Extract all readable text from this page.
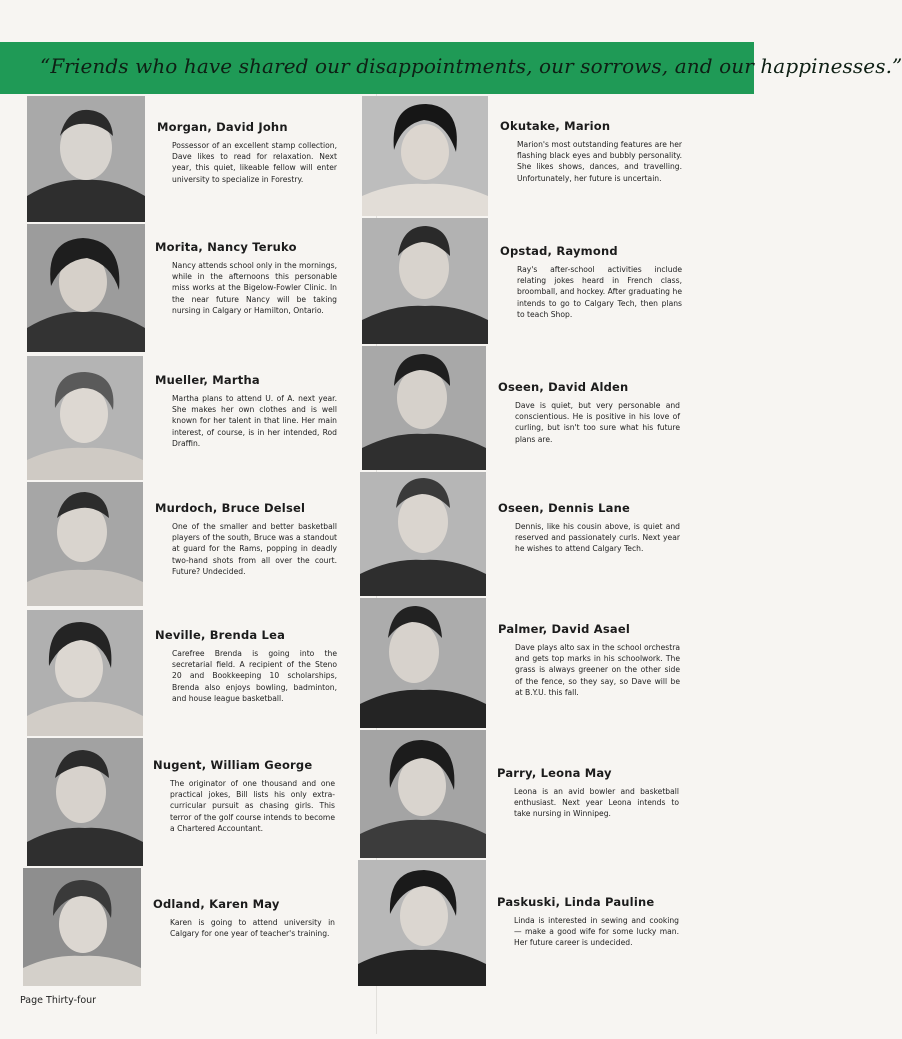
“Friends who have shared our disappointments, our sorrows, and our happinesses.”
Morgan, David John
Possessor of an excellent stamp collection, Dave likes to read for relaxation. Next year, this quiet, likeable fellow will enter university to specialize in Forestry.
Morita, Nancy Teruko
Nancy attends school only in the mornings, while in the afternoons this personable miss works at the Bigelow-Fowler Clinic. In the near future Nancy will be taking nursing in Calgary or Hamilton, Ontario.
Mueller, Martha
Martha plans to attend U. of A. next year. She makes her own clothes and is well known for her talent in that line. Her main interest, of course, is in her intended, Rod Draffin.
Murdoch, Bruce Delsel
One of the smaller and better basketball players of the south, Bruce was a standout at guard for the Rams, popping in deadly two-hand shots from all over the court. Future? Undecided.
Neville, Brenda Lea
Carefree Brenda is going into the secretarial field. A recipient of the Steno 20 and Bookkeeping 10 scholarships, Brenda also enjoys bowling, badminton, and house league basketball.
Nugent, William George
The originator of one thousand and one practical jokes, Bill lists his only extra-curricular pursuit as chasing girls. This terror of the golf course intends to become a Chartered Accountant.
Odland, Karen May
Karen is going to attend university in Calgary for one year of teacher's training.
Okutake, Marion
Marion's most outstanding features are her flashing black eyes and bubbly personality. She likes shows, dances, and travelling. Unfortunately, her future is uncertain.
Opstad, Raymond
Ray's after-school activities include relating jokes heard in French class, broomball, and hockey. After graduating he intends to go to Calgary Tech, then plans to teach Shop.
Oseen, David Alden
Dave is quiet, but very personable and conscientious. He is positive in his love of curling, but isn't too sure what his future plans are.
Oseen, Dennis Lane
Dennis, like his cousin above, is quiet and reserved and passionately curls. Next year he wishes to attend Calgary Tech.
Palmer, David Asael
Dave plays alto sax in the school orchestra and gets top marks in his schoolwork. The grass is always greener on the other side of the fence, so they say, so Dave will be at B.Y.U. this fall.
Parry, Leona May
Leona is an avid bowler and basketball enthusiast. Next year Leona intends to take nursing in Winnipeg.
Paskuski, Linda Pauline
Linda is interested in sewing and cooking — make a good wife for some lucky man. Her future career is undecided.
Page Thirty-four
